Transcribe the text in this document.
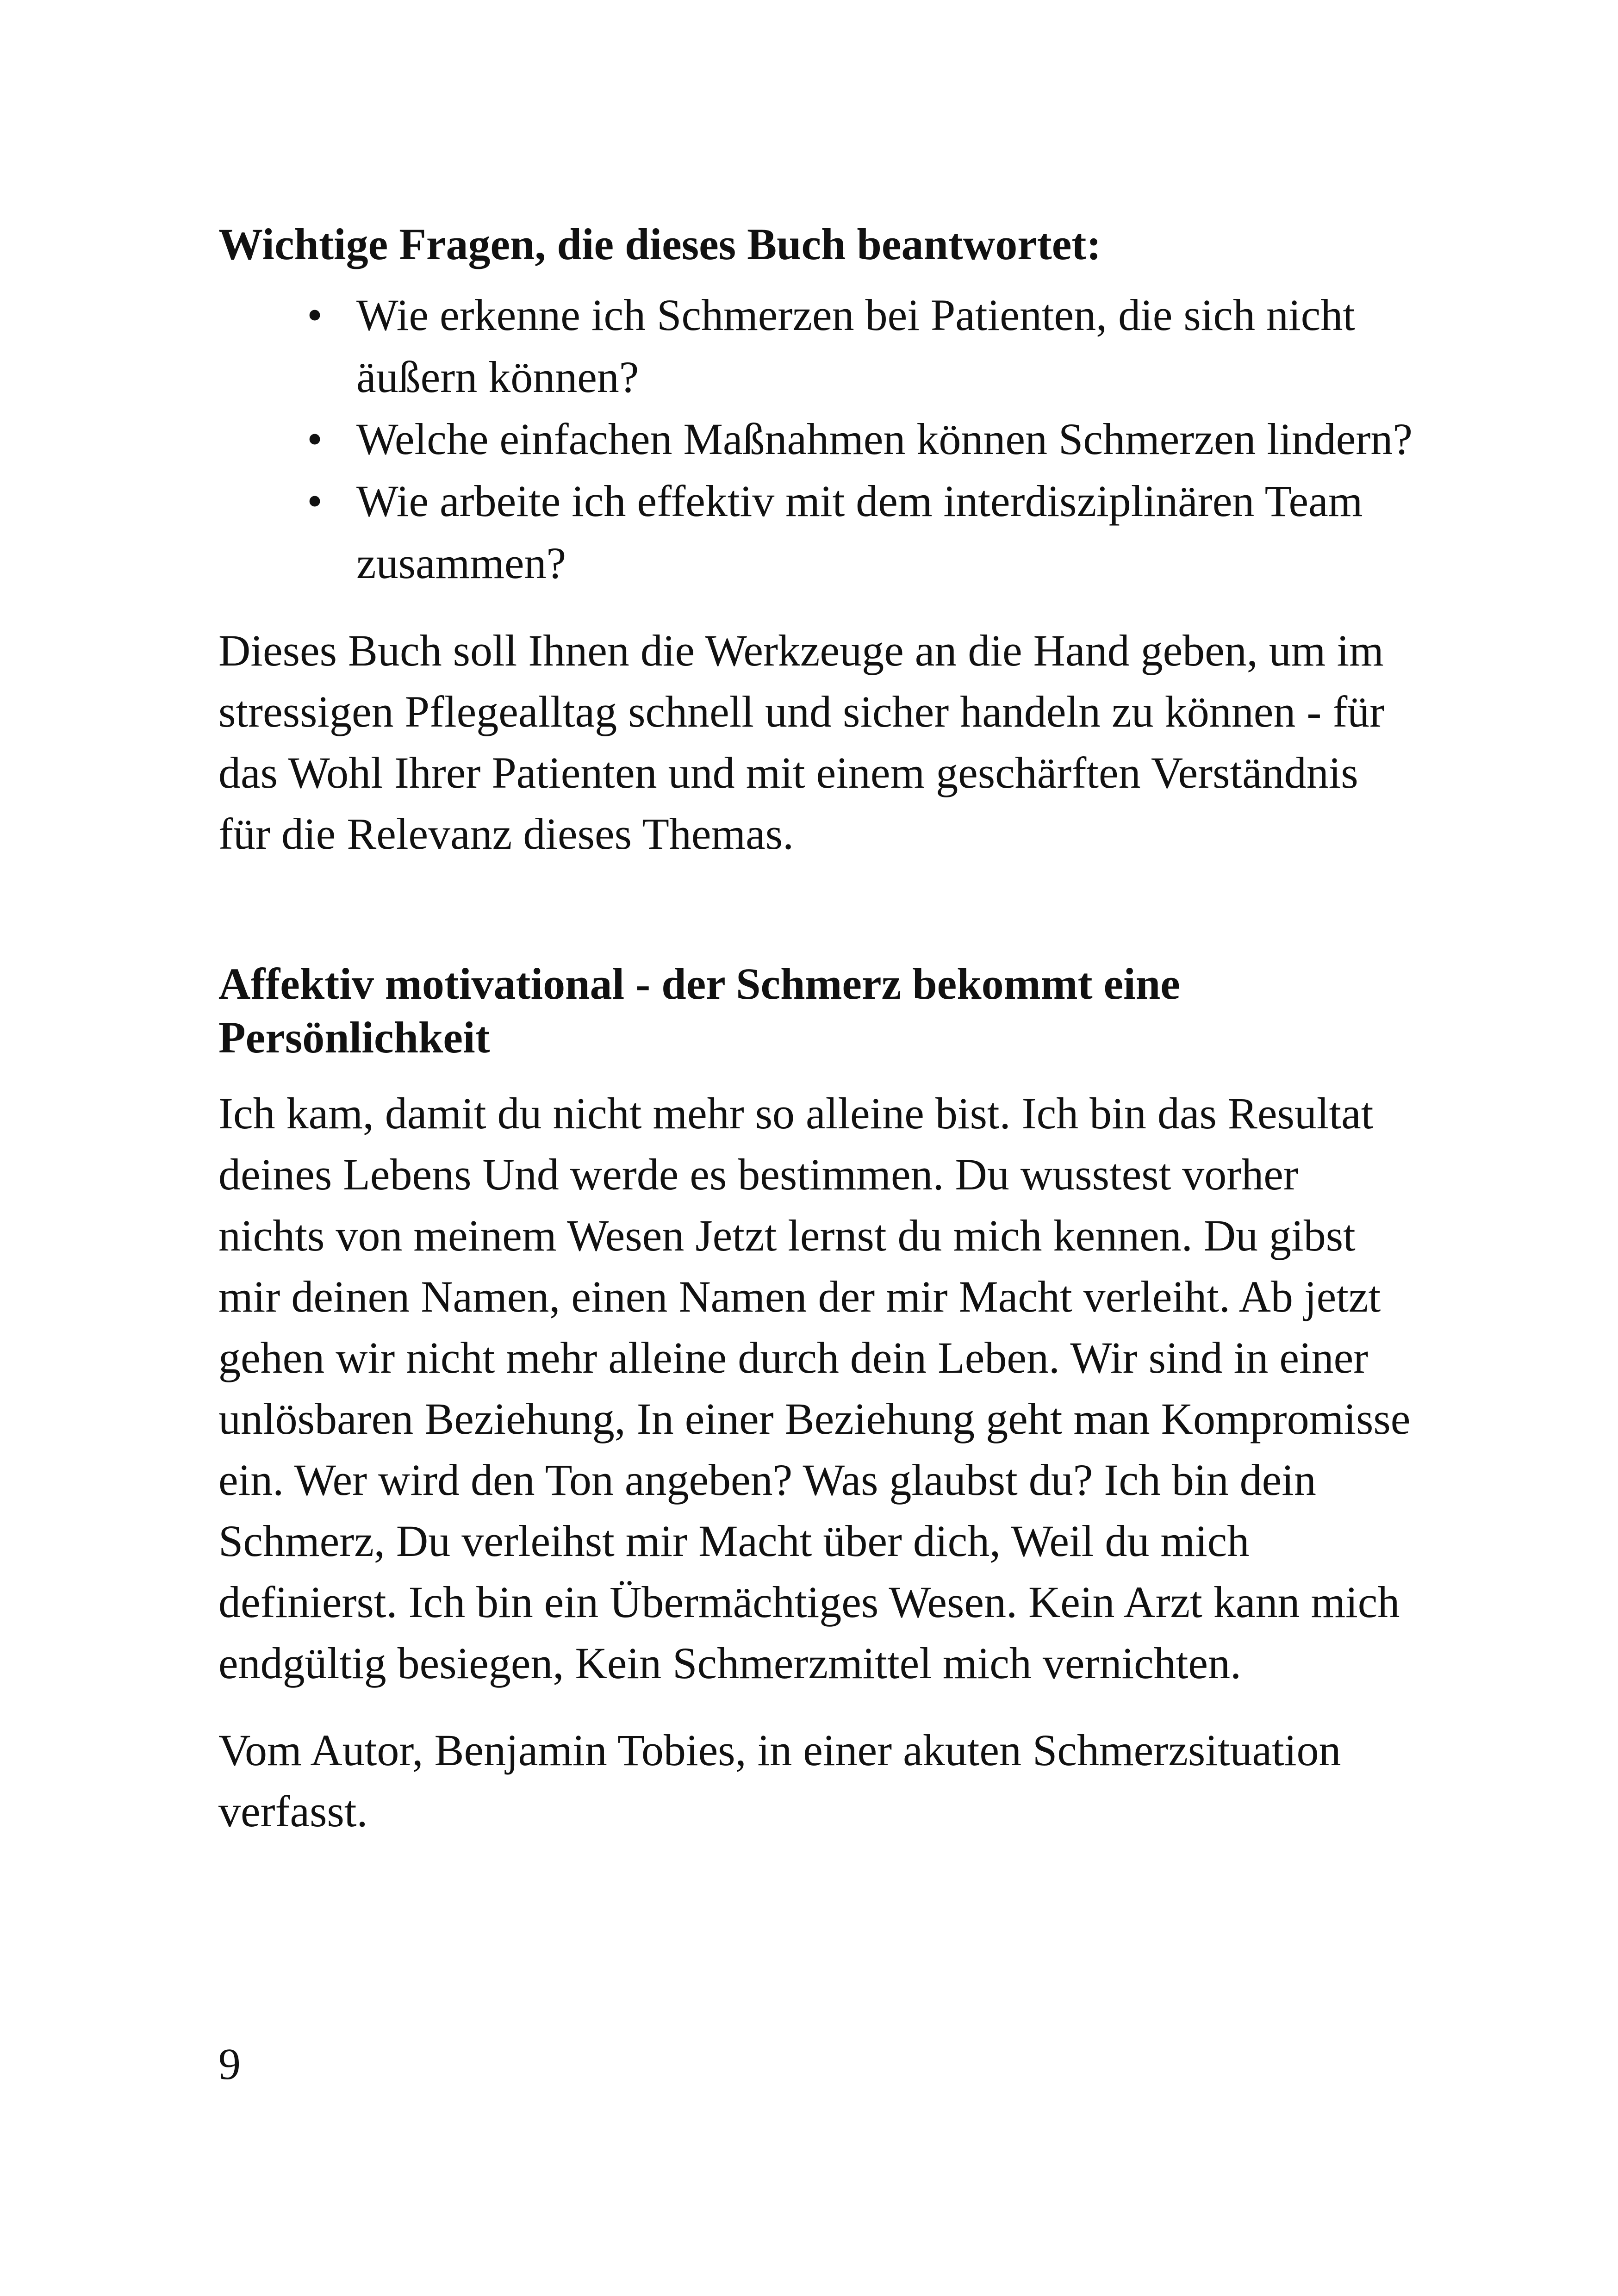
Wichtige Fragen, die dieses Buch beantwortet:
• Wie erkenne ich Schmerzen bei Patienten, die sich nicht äußern können?
• Welche einfachen Maßnahmen können Schmerzen lindern?
• Wie arbeite ich effektiv mit dem interdisziplinären Team zusammen?

Dieses Buch soll Ihnen die Werkzeuge an die Hand geben, um im stressigen Pflegealltag schnell und sicher handeln zu können - für das Wohl Ihrer Patienten und mit einem geschärften Verständnis für die Relevanz dieses Themas.

Affektiv motivational - der Schmerz bekommt eine Persönlichkeit

Ich kam, damit du nicht mehr so alleine bist. Ich bin das Resultat deines Lebens Und werde es bestimmen. Du wusstest vorher nichts von meinem Wesen Jetzt lernst du mich kennen. Du gibst mir deinen Namen, einen Namen der mir Macht verleiht. Ab jetzt gehen wir nicht mehr alleine durch dein Leben. Wir sind in einer unlösbaren Beziehung, In einer Beziehung geht man Kompromisse ein. Wer wird den Ton angeben? Was glaubst du? Ich bin dein Schmerz, Du verleihst mir Macht über dich, Weil du mich definierst. Ich bin ein Übermächtiges Wesen. Kein Arzt kann mich endgültig besiegen, Kein Schmerzmittel mich vernichten.

Vom Autor, Benjamin Tobies, in einer akuten Schmerzsituation verfasst.

9
